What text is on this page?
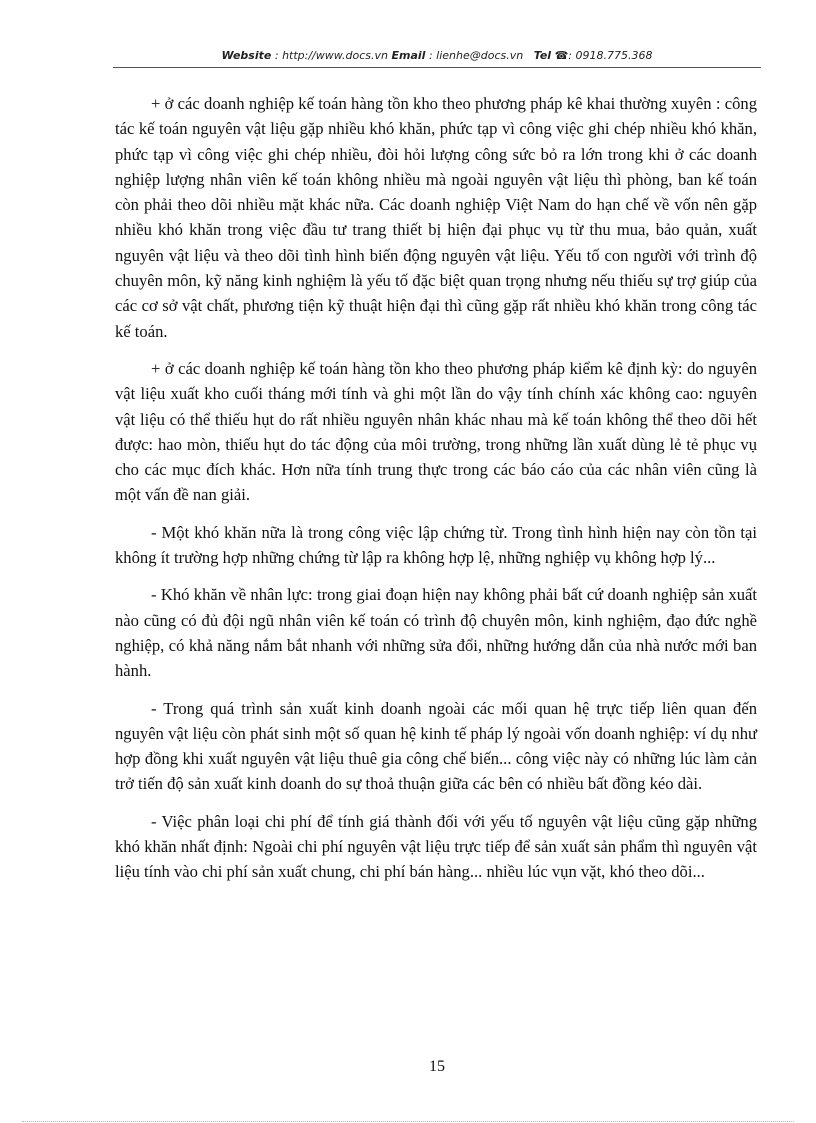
Website : http://www.docs.vn Email : lienhe@docs.vn Tel ☎: 0918.775.368

+ ở các doanh nghiệp kế toán hàng tồn kho theo phương pháp kê khai thường xuyên : công tác kế toán nguyên vật liệu gặp nhiều khó khăn, phức tạp vì công việc ghi chép nhiều khó khăn, phức tạp vì công việc ghi chép nhiều, đòi hỏi lượng công sức bỏ ra lớn trong khi ở các doanh nghiệp lượng nhân viên kế toán không nhiều mà ngoài nguyên vật liệu thì phòng, ban kế toán còn phải theo dõi nhiều mặt khác nữa. Các doanh nghiệp Việt Nam do hạn chế về vốn nên gặp nhiều khó khăn trong việc đầu tư trang thiết bị hiện đại phục vụ từ thu mua, bảo quản, xuất nguyên vật liệu và theo dõi tình hình biến động nguyên vật liệu. Yếu tố con người với trình độ chuyên môn, kỹ năng kinh nghiệm là yếu tố đặc biệt quan trọng nhưng nếu thiếu sự trợ giúp của các cơ sở vật chất, phương tiện kỹ thuật hiện đại thì cũng gặp rất nhiều khó khăn trong công tác kế toán.

+ ở các doanh nghiệp kế toán hàng tồn kho theo phương pháp kiểm kê định kỳ: do nguyên vật liệu xuất kho cuối tháng mới tính và ghi một lần do vậy tính chính xác không cao: nguyên vật liệu có thể thiếu hụt do rất nhiều nguyên nhân khác nhau mà kế toán không thể theo dõi hết được: hao mòn, thiếu hụt do tác động của môi trường, trong những lần xuất dùng lẻ tẻ phục vụ cho các mục đích khác. Hơn nữa tính trung thực trong các báo cáo của các nhân viên cũng là một vấn đề nan giải.

- Một khó khăn nữa là trong công việc lập chứng từ. Trong tình hình hiện nay còn tồn tại không ít trường hợp những chứng từ lập ra không hợp lệ, những nghiệp vụ không hợp lý...

- Khó khăn về nhân lực: trong giai đoạn hiện nay không phải bất cứ doanh nghiệp sản xuất nào cũng có đủ đội ngũ nhân viên kế toán có trình độ chuyên môn, kinh nghiệm, đạo đức nghề nghiệp, có khả năng nắm bắt nhanh với những sửa đổi, những hướng dẫn của nhà nước mới ban hành.

- Trong quá trình sản xuất kinh doanh ngoài các mối quan hệ trực tiếp liên quan đến nguyên vật liệu còn phát sinh một số quan hệ kinh tế pháp lý ngoài vốn doanh nghiệp: ví dụ như hợp đồng khi xuất nguyên vật liệu thuê gia công chế biến... công việc này có những lúc làm cản trở tiến độ sản xuất kinh doanh do sự thoả thuận giữa các bên có nhiều bất đồng kéo dài.

- Việc phân loại chi phí để tính giá thành đối với yếu tố nguyên vật liệu cũng gặp những khó khăn nhất định: Ngoài chi phí nguyên vật liệu trực tiếp để sản xuất sản phẩm thì nguyên vật liệu tính vào chi phí sản xuất chung, chi phí bán hàng... nhiều lúc vụn vặt, khó theo dõi...

15
